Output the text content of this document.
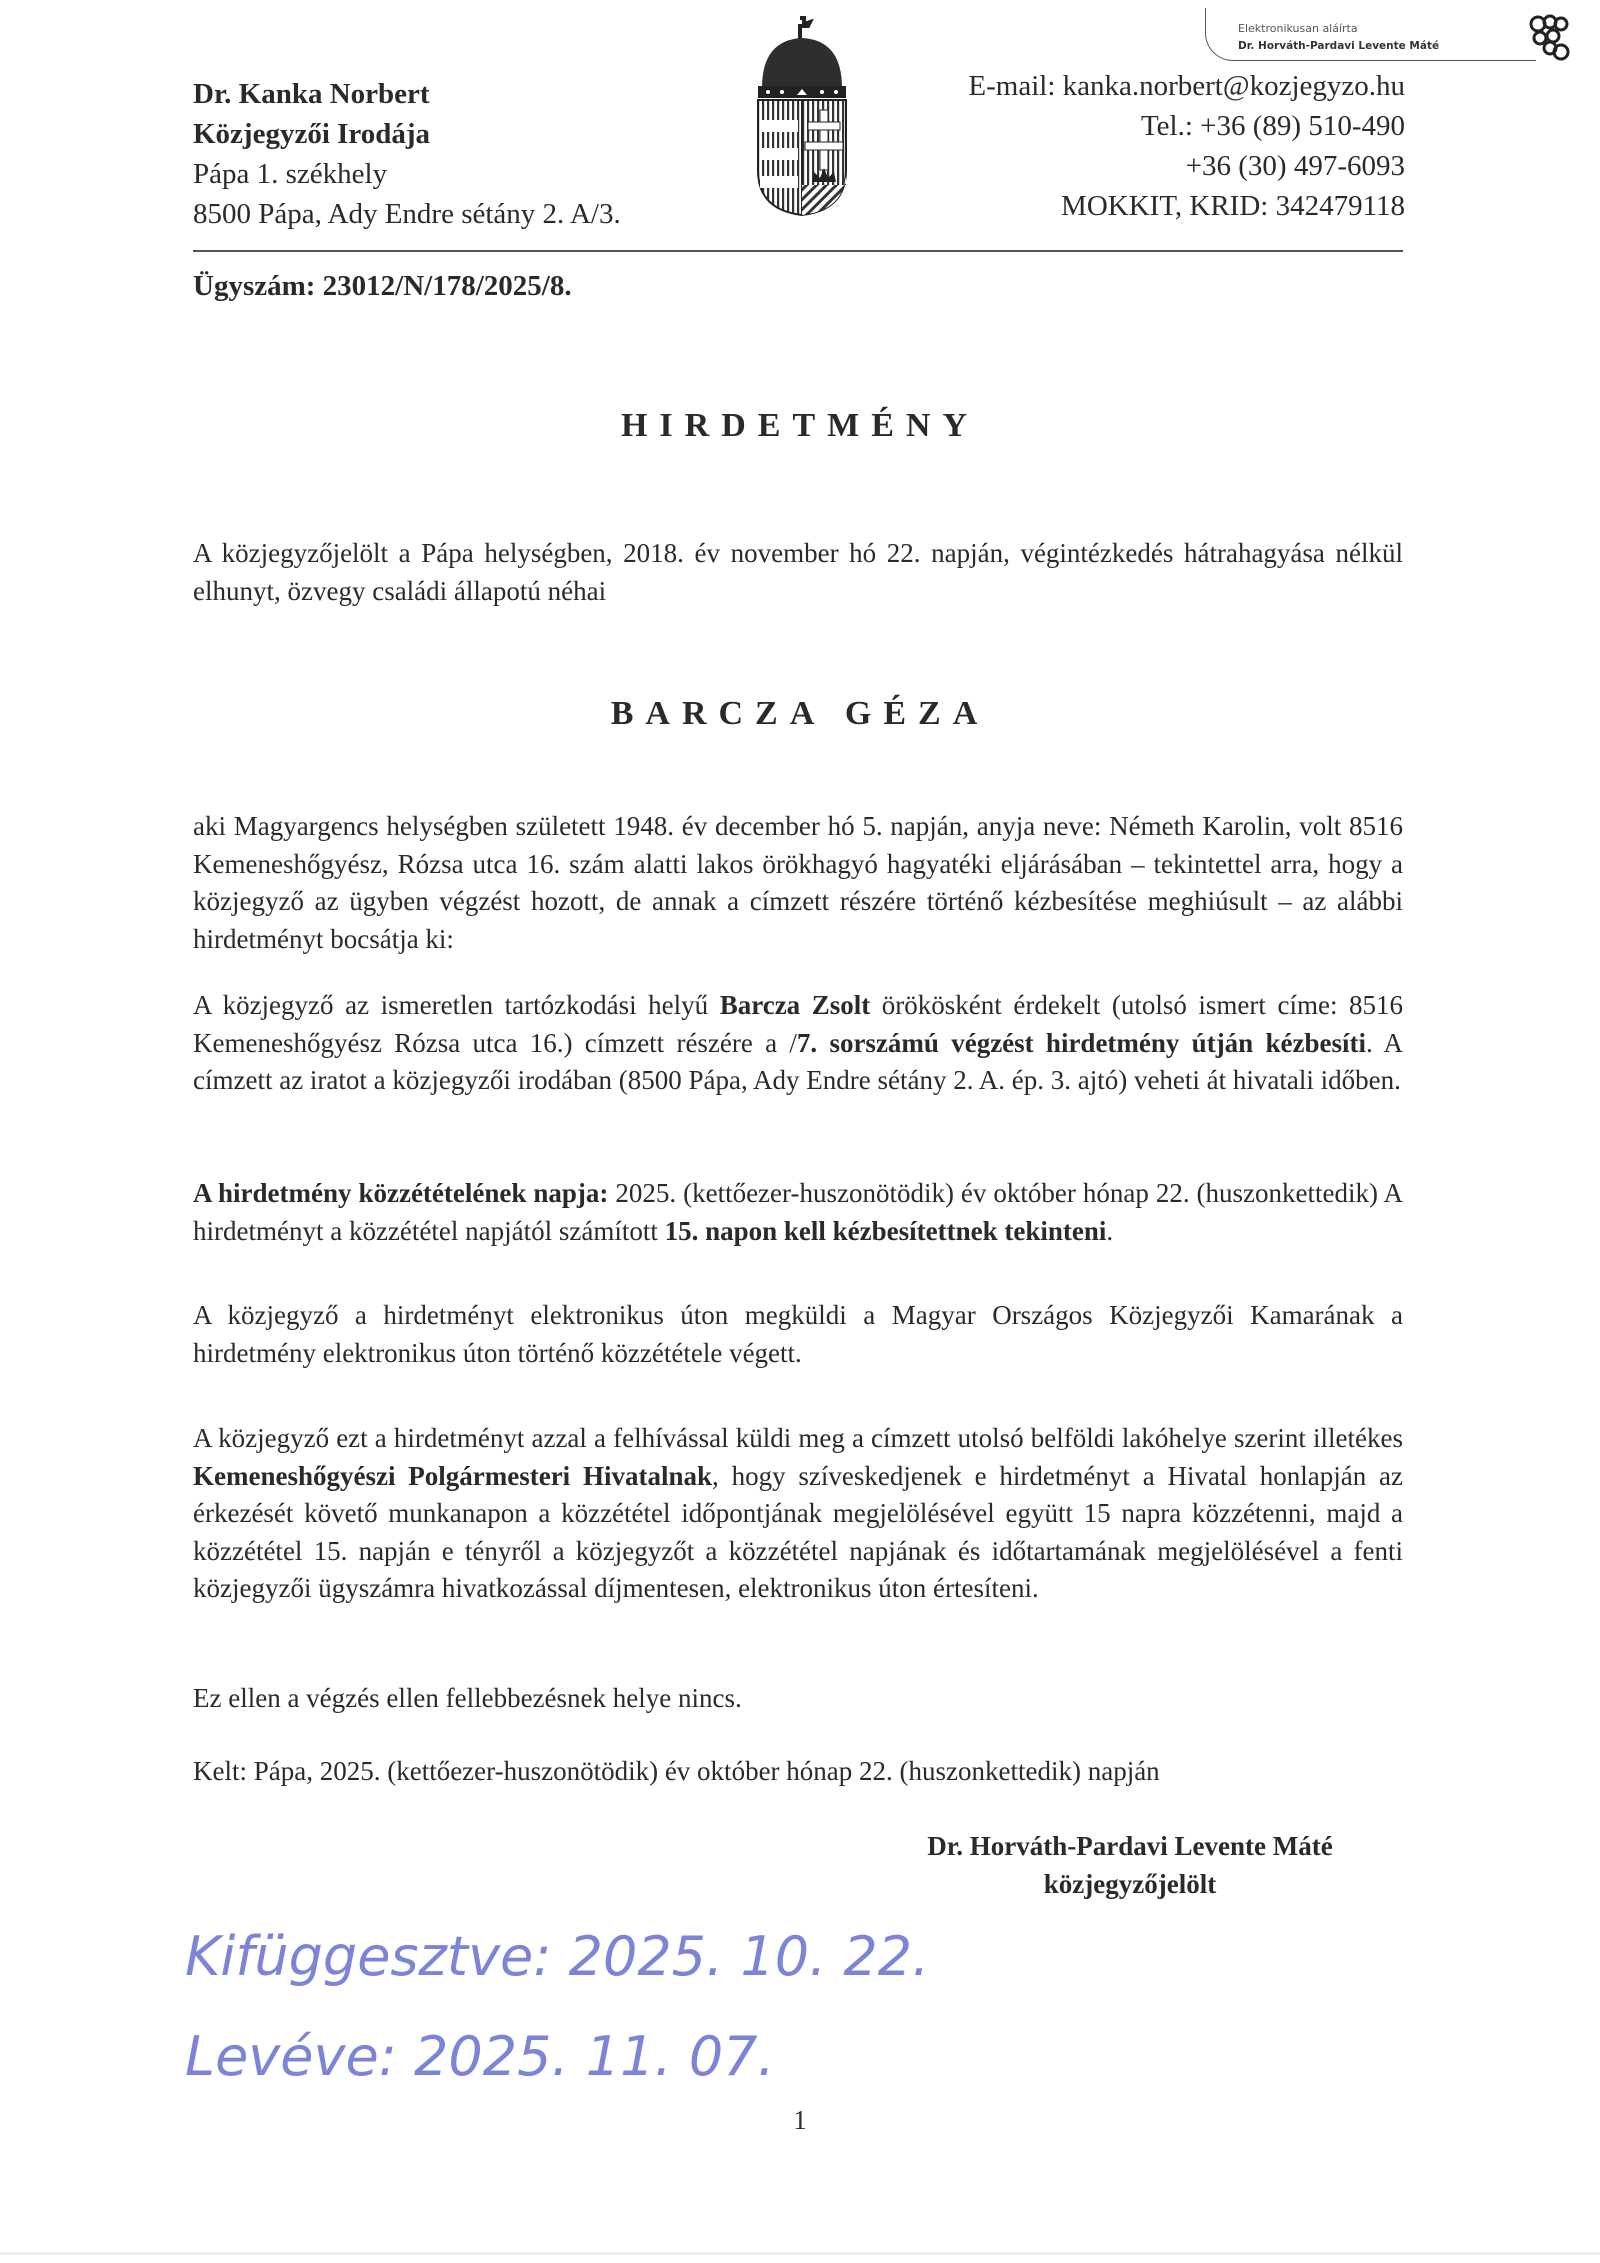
Elektronikusan aláírta
Dr. Horváth-Pardavi Levente Máté
Dr. Kanka Norbert
Közjegyzői Irodája
Pápa 1. székhely
8500 Pápa, Ady Endre sétány 2. A/3.
E-mail: kanka.norbert@kozjegyzo.hu
Tel.: +36 (89) 510-490
+36 (30) 497-6093
MOKKIT, KRID: 342479118
Ügyszám: 23012/N/178/2025/8.
HIRDETMÉNY
A közjegyzőjelölt a Pápa helységben, 2018. év november hó 22. napján, végintézkedés hátrahagyása nélkül elhunyt, özvegy családi állapotú néhai
BARCZA GÉZA
aki Magyargencs helységben született 1948. év december hó 5. napján, anyja neve: Németh Karolin, volt 8516 Kemeneshőgyész, Rózsa utca 16. szám alatti lakos örökhagyó hagyatéki eljárásában – tekintettel arra, hogy a közjegyző az ügyben végzést hozott, de annak a címzett részére történő kézbesítése meghiúsult – az alábbi hirdetményt bocsátja ki:
A közjegyző az ismeretlen tartózkodási helyű Barcza Zsolt örökösként érdekelt (utolsó ismert címe: 8516 Kemeneshőgyész Rózsa utca 16.) címzett részére a /7. sorszámú végzést hirdetmény útján kézbesíti. A címzett az iratot a közjegyzői irodában (8500 Pápa, Ady Endre sétány 2. A. ép. 3. ajtó) veheti át hivatali időben.
A hirdetmény közzétételének napja: 2025. (kettőezer-huszonötödik) év október hónap 22. (huszonkettedik) A hirdetményt a közzététel napjától számított 15. napon kell kézbesítettnek tekinteni.
A közjegyző a hirdetményt elektronikus úton megküldi a Magyar Országos Közjegyzői Kamarának a hirdetmény elektronikus úton történő közzététele végett.
A közjegyző ezt a hirdetményt azzal a felhívással küldi meg a címzett utolsó belföldi lakóhelye szerint illetékes Kemeneshőgyészi Polgármesteri Hivatalnak, hogy szíveskedjenek e hirdetményt a Hivatal honlapján az érkezését követő munkanapon a közzététel időpontjának megjelölésével együtt 15 napra közzétenni, majd a közzététel 15. napján e tényről a közjegyzőt a közzététel napjának és időtartamának megjelölésével a fenti közjegyzői ügyszámra hivatkozással díjmentesen, elektronikus úton értesíteni.
Ez ellen a végzés ellen fellebbezésnek helye nincs.
Kelt: Pápa, 2025. (kettőezer-huszonötödik) év október hónap 22. (huszonkettedik) napján
Dr. Horváth-Pardavi Levente Máté
közjegyzőjelölt
Kifüggesztve: 2025. 10. 22.
Levéve: 2025. 11. 07.
1
